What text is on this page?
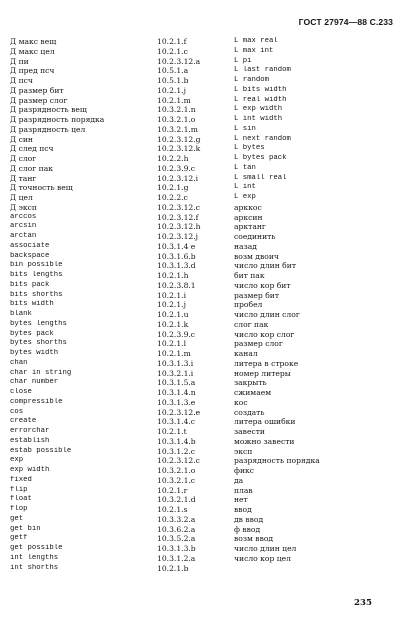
ГОСТ 27974—88 С.233
Д макс вещ
Д макс цел
Д пи
Д пред псч
Д псч
Д размер бит
Д размер слог
Д разрядность вещ
Д разрядность порядка
Д разрядность цел
Д син
Д след псч
Д слог
Д слог пак
Д танг
Д точность вещ
Д цел
Д эксп
arccos
arcsin
arctan
associate
backspace
bin possible
bits lengths
bits pack
bits shorths
bits width
blank
bytes lengths
bytes pack
bytes shorths
bytes width
chan
char in string
char number
close
compressible
cos
create
errorchar
establish
estab possible
exp
exp width
fixed
flip
float
flop
get
get bin
getf
get possible
int lengths
int shorths
10.2.1.f
10.2.1.c
10.2.3.12.a
10.5.1.a
10.5.1.b
10.2.1.j
10.2.1.m
10.3.2.1.n
10.3.2.1.o
10.3.2.1.m
10.2.3.12.g
10.2.3.12.k
10.2.2.h
10.2.3.9.c
10.2.3.12.i
10.2.1.g
10.2.2.c
10.2.3.12.c
10.2.3.12.f
10.2.3.12.h
10.2.3.12.j
10.3.1.4 e
10.3.1.6.b
10.3.1.3.d
10.2.1.h
10.2.3.8.1
10.2.1.i
10.2.1.j
10.2.1.u
10.2.1.k
10.2.3.9.c
10.2.1.l
10.2.1.m
10.3.1.3.i
10.3.2.1.i
10.3.1.5.a
10.3.1.4.n
10.3.1.3.e
10.2.3.12.e
10.3.1.4.c
10.2.1.t
10.3.1.4.b
10.3.1.2.c
10.2.3.12.c
10.3.2.1.o
10.3.2.1.c
10.2.1.r
10.3.2.1.d
10.2.1.s
10.3.3.2.a
10.3.6.2.a
10.3.5.2.a
10.3.1.3.b
10.3.1.2.a
10.2.1.b
L max real
L max int
L pi
L last random
L random
L bits width
L real width
L exp width
L int width
L sin
L next random
L bytes
L bytes pack
L tan
L small real
L int
L exp
арккос
арксин
арктанг
соединить
назад
возм двоич
число длин бит
бит пак
число кор бит
размер бит
пробел
число длин слог
слог пак
число кор слог
размер слог
канал
литера в строке
номер литеры
закрыть
сжимаем
кос
создать
литера ошибки
завести
можно завести
эксп
разрядность порядка
фикс
да
плав
нет
ввод
дв ввод
ф ввод
возм ввод
число длин цел
число кор цел
235
